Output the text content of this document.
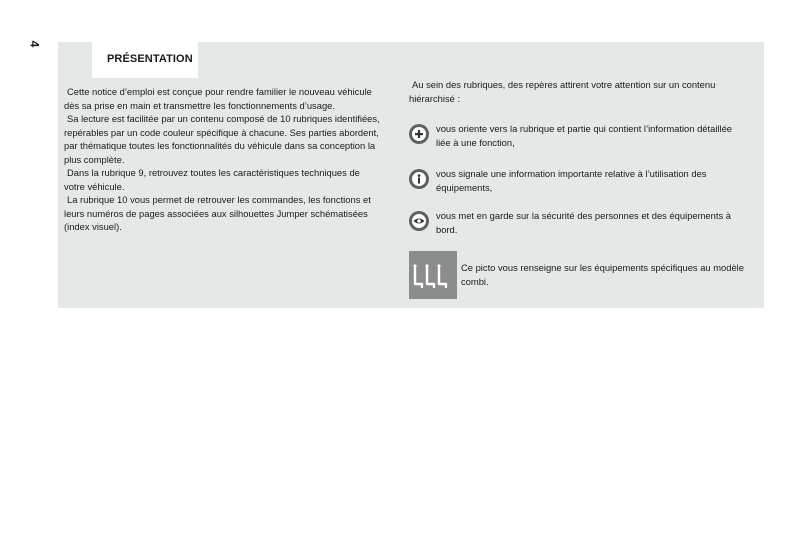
4
PRÉSENTATION

Cette notice d’emploi est conçue pour rendre familier le nouveau véhicule dès sa prise en main et transmettre les fonctionnements d’usage.

Sa lecture est facilitée par un contenu composé de 10 rubriques identifiées, repérables par un code couleur spécifique à chacune. Ses parties abordent, par thématique toutes les fonctionnalités du véhicule dans sa conception la plus complète.

Dans la rubrique 9, retrouvez toutes les caractéristiques techniques de votre véhicule.

La rubrique 10 vous permet de retrouver les commandes, les fonctions et leurs numéros de pages associées aux silhouettes Jumper schématisées (index visuel).

Au sein des rubriques, des repères attirent votre attention sur un contenu hiérarchisé :

vous oriente vers la rubrique et partie qui contient l’information détaillée liée à une fonction,
vous signale une information importante relative à l’utilisation des équipements,
vous met en garde sur la sécurité des personnes et des équipements à bord.
Ce picto vous renseigne sur les équipements spécifiques au modèle combi.
